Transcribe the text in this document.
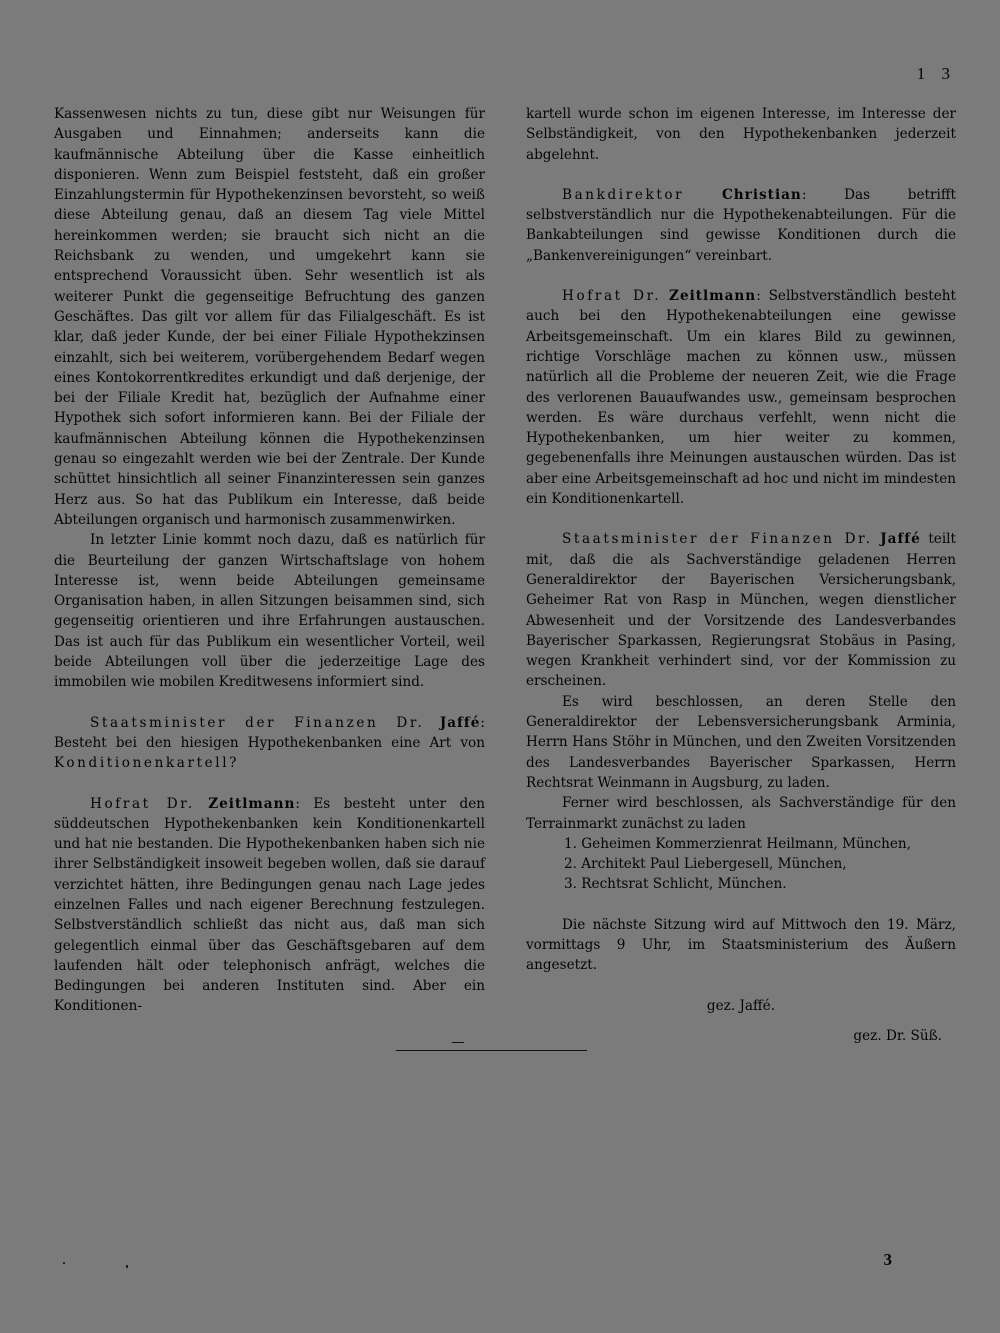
1 3

Kassenwesen nichts zu tun, diese gibt nur Weisungen für Ausgaben und Einnahmen; anderseits kann die kaufmännische Abteilung über die Kasse einheitlich disponieren. Wenn zum Beispiel feststeht, daß ein großer Einzahlungstermin für Hypothekenzinsen bevorsteht, so weiß diese Abteilung genau, daß an diesem Tag viele Mittel hereinkommen werden; sie braucht sich nicht an die Reichsbank zu wenden, und umgekehrt kann sie entsprechend Voraussicht üben. Sehr wesentlich ist als weiterer Punkt die gegenseitige Befruchtung des ganzen Geschäftes. Das gilt vor allem für das Filialgeschäft. Es ist klar, daß jeder Kunde, der bei einer Filiale Hypothekzinsen einzahlt, sich bei weiterem, vorübergehendem Bedarf wegen eines Kontokorrentkredites erkundigt und daß derjenige, der bei der Filiale Kredit hat, bezüglich der Aufnahme einer Hypothek sich sofort informieren kann. Bei der Filiale der kaufmännischen Abteilung können die Hypothekenzinsen genau so eingezahlt werden wie bei der Zentrale. Der Kunde schüttet hinsichtlich all seiner Finanzinteressen sein ganzes Herz aus. So hat das Publikum ein Interesse, daß beide Abteilungen organisch und harmonisch zusammenwirken.

In letzter Linie kommt noch dazu, daß es natürlich für die Beurteilung der ganzen Wirtschaftslage von hohem Interesse ist, wenn beide Abteilungen gemeinsame Organisation haben, in allen Sitzungen beisammen sind, sich gegenseitig orientieren und ihre Erfahrungen austauschen. Das ist auch für das Publikum ein wesentlicher Vorteil, weil beide Abteilungen voll über die jederzeitige Lage des immobilen wie mobilen Kreditwesens informiert sind.

Staatsminister der Finanzen Dr. Jaffé: Besteht bei den hiesigen Hypothekenbanken eine Art von Konditionenkartell?

Hofrat Dr. Zeitlmann: Es besteht unter den süddeutschen Hypothekenbanken kein Konditionenkartell und hat nie bestanden. Die Hypothekenbanken haben sich nie ihrer Selbständigkeit insoweit begeben wollen, daß sie darauf verzichtet hätten, ihre Bedingungen genau nach Lage jedes einzelnen Falles und nach eigener Berechnung festzulegen. Selbstverständlich schließt das nicht aus, daß man sich gelegentlich einmal über das Geschäftsgebaren auf dem laufenden hält oder telephonisch anfrägt, welches die Bedingungen bei anderen Instituten sind. Aber ein Konditionen-

kartell wurde schon im eigenen Interesse, im Interesse der Selbständigkeit, von den Hypothekenbanken jederzeit abgelehnt.

Bankdirektor	Christian: Das betrifft selbstverständlich nur die Hypothekenabteilungen. Für die Bankabteilungen sind gewisse Konditionen durch die „Bankenvereinigungen“ vereinbart.

Hofrat Dr. Zeitlmann: Selbstverständlich besteht auch bei den Hypothekenabteilungen eine gewisse Arbeitsgemeinschaft. Um ein klares Bild zu gewinnen, richtige Vorschläge machen zu können usw., müssen natürlich all die Probleme der neueren Zeit, wie die Frage des verlorenen Bauaufwandes usw., gemeinsam besprochen werden. Es wäre durchaus verfehlt, wenn nicht die Hypothekenbanken, um hier weiter zu kommen, gegebenenfalls ihre Meinungen austauschen würden. Das ist aber eine Arbeitsgemeinschaft ad hoc und nicht im mindesten ein Konditionenkartell.

Staatsminister der Finanzen Dr. Jaffé teilt mit, daß die als Sachverständige geladenen Herren Generaldirektor der Bayerischen Versicherungsbank, Geheimer Rat von Rasp in München, wegen dienstlicher Abwesenheit und der Vorsitzende des Landesverbandes Bayerischer Sparkassen, Regierungsrat Stobäus in Pasing, wegen Krankheit verhindert sind, vor der Kommission zu erscheinen.

Es wird beschlossen, an deren Stelle den Generaldirektor der Lebensversicherungsbank Arminia, Herrn Hans Stöhr in München, und den Zweiten Vorsitzenden des Landesverbandes Bayerischer Sparkassen, Herrn Rechtsrat Weinmann in Augsburg, zu laden.

Ferner wird beschlossen, als Sachverständige für den Terrainmarkt zunächst zu laden

1. Geheimen Kommerzienrat Heilmann, München,
2. Architekt Paul Liebergesell, München,
3. Rechtsrat Schlicht, München.

Die nächste Sitzung wird auf Mittwoch den 19. März, vormittags 9 Uhr, im Staatsministerium des Äußern angesetzt.

gez. Jaffé.
gez. Dr. Süß.
3
